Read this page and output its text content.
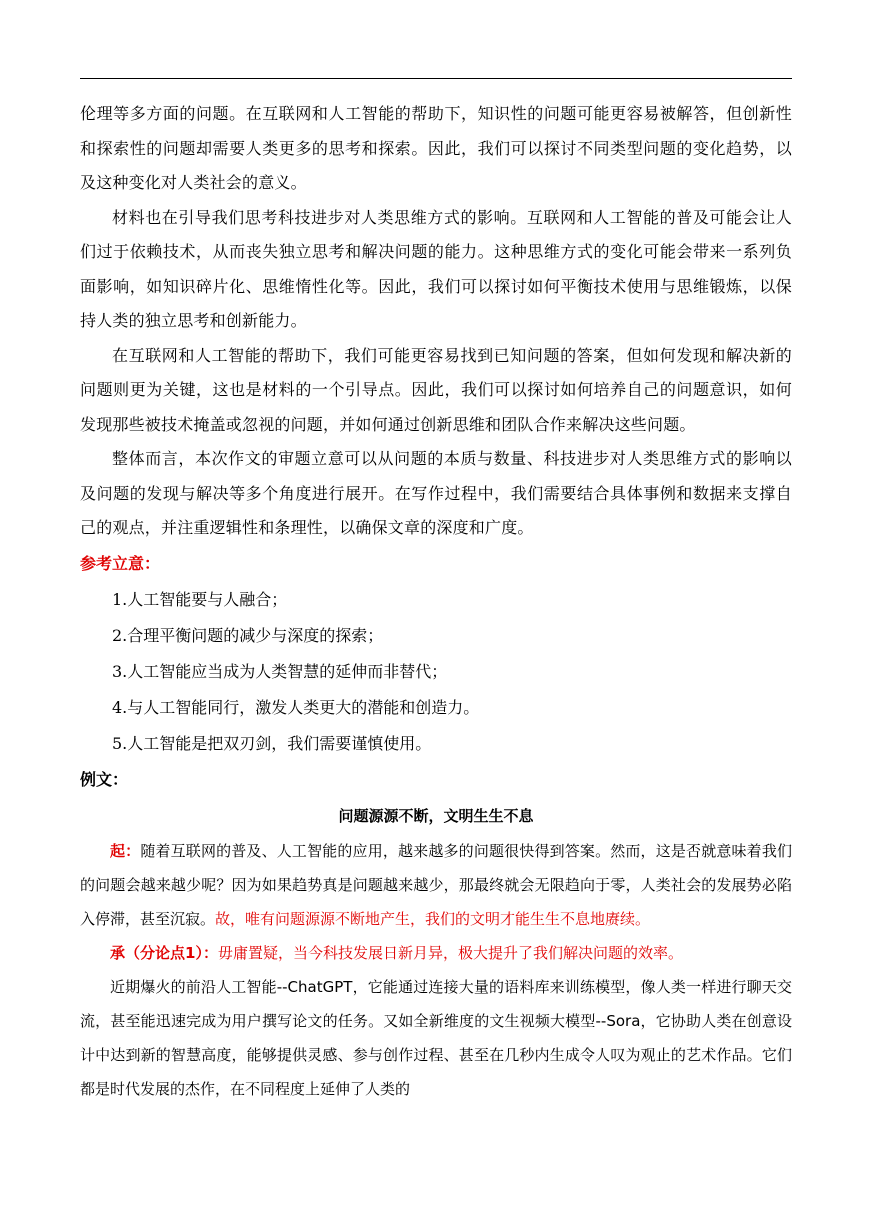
伦理等多方面的问题。在互联网和人工智能的帮助下，知识性的问题可能更容易被解答，但创新性和探索性的问题却需要人类更多的思考和探索。因此，我们可以探讨不同类型问题的变化趋势，以及这种变化对人类社会的意义。

材料也在引导我们思考科技进步对人类思维方式的影响。互联网和人工智能的普及可能会让人们过于依赖技术，从而丧失独立思考和解决问题的能力。这种思维方式的变化可能会带来一系列负面影响，如知识碎片化、思维惰性化等。因此，我们可以探讨如何平衡技术使用与思维锻炼，以保持人类的独立思考和创新能力。

在互联网和人工智能的帮助下，我们可能更容易找到已知问题的答案，但如何发现和解决新的问题则更为关键，这也是材料的一个引导点。因此，我们可以探讨如何培养自己的问题意识，如何发现那些被技术掩盖或忽视的问题，并如何通过创新思维和团队合作来解决这些问题。

整体而言，本次作文的审题立意可以从问题的本质与数量、科技进步对人类思维方式的影响以及问题的发现与解决等多个角度进行展开。在写作过程中，我们需要结合具体事例和数据来支撑自己的观点，并注重逻辑性和条理性，以确保文章的深度和广度。

参考立意：
1.人工智能要与人融合；
2.合理平衡问题的减少与深度的探索；
3.人工智能应当成为人类智慧的延伸而非替代；
4.与人工智能同行，激发人类更大的潜能和创造力。
5.人工智能是把双刃剑，我们需要谨慎使用。
例文：
问题源源不断，文明生生不息

起：随着互联网的普及、人工智能的应用，越来越多的问题很快得到答案。然而，这是否就意味着我们的问题会越来越少呢？因为如果趋势真是问题越来越少，那最终就会无限趋向于零，人类社会的发展势必陷入停滞，甚至沉寂。故，唯有问题源源不断地产生，我们的文明才能生生不息地赓续。

承（分论点1）：毋庸置疑，当今科技发展日新月异，极大提升了我们解决问题的效率。

近期爆火的前沿人工智能--ChatGPT，它能通过连接大量的语料库来训练模型，像人类一样进行聊天交流，甚至能迅速完成为用户撰写论文的任务。又如全新维度的文生视频大模型--Sora，它协助人类在创意设计中达到新的智慧高度，能够提供灵感、参与创作过程、甚至在几秒内生成令人叹为观止的艺术作品。它们都是时代发展的杰作，在不同程度上延伸了人类的
